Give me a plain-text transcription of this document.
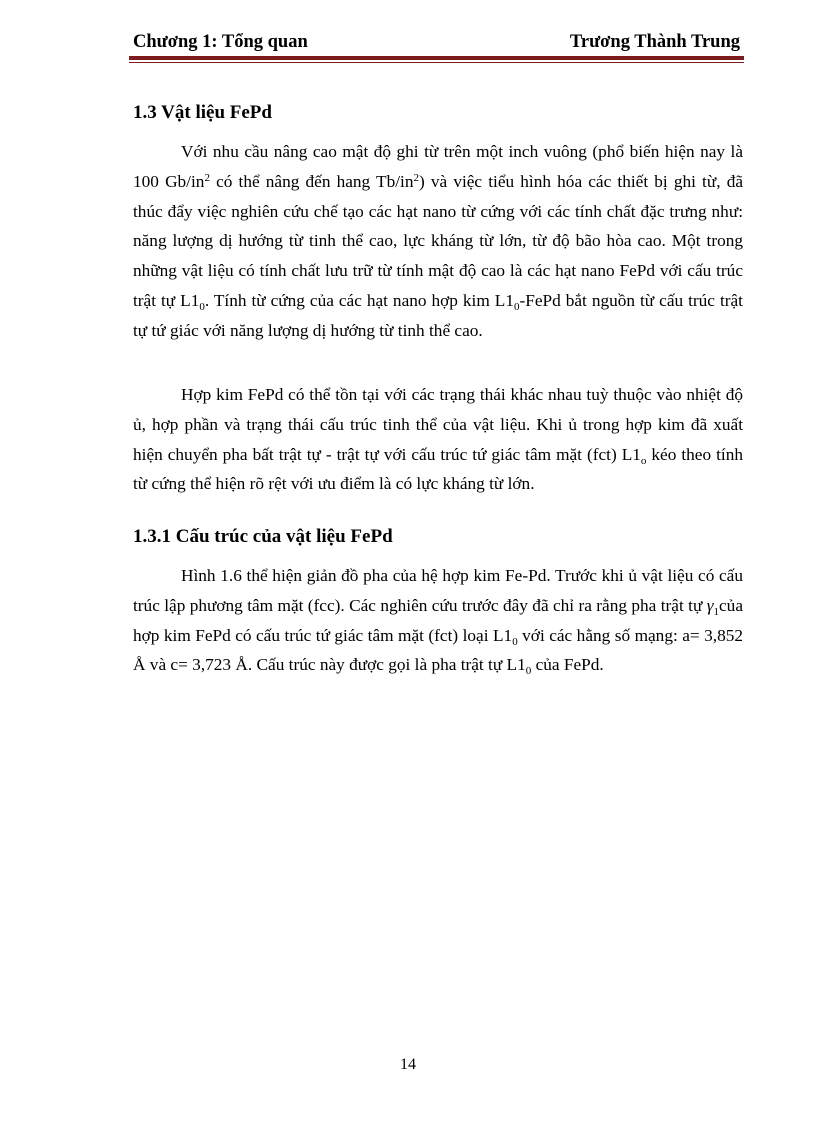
Chương 1: Tổng quan	Trương Thành Trung
1.3 Vật liệu FePd

Với nhu cầu nâng cao mật độ ghi từ trên một inch vuông (phổ biến hiện nay là 100 $Gb/in^2$ có thể nâng đến hang $Tb/in^2$) và việc tiểu hình hóa các thiết bị ghi từ, đã thúc đẩy việc nghiên cứu chế tạo các hạt nano từ cứng với các tính chất đặc trưng như: năng lượng dị hướng từ tinh thể cao, lực kháng từ lớn, từ độ bão hòa cao. Một trong những vật liệu có tính chất lưu trữ từ tính mật độ cao là các hạt nano FePd với cấu trúc trật tự $L1_0$. Tính từ cứng của các hạt nano hợp kim $L1_0$-FePd bắt nguồn từ cấu trúc trật tự tứ giác với năng lượng dị hướng từ tinh thể cao.

Hợp kim FePd có thể tồn tại với các trạng thái khác nhau tuỳ thuộc vào nhiệt độ ủ, hợp phần và trạng thái cấu trúc tinh thể của vật liệu. Khi ủ trong hợp kim đã xuất hiện chuyển pha bất trật tự - trật tự với cấu trúc tứ giác tâm mặt (fct) $L1_o$ kéo theo tính từ cứng thể hiện rõ rệt với ưu điểm là có lực kháng từ lớn.

1.3.1 Cấu trúc của vật liệu FePd

Hình 1.6 thể hiện giản đồ pha của hệ hợp kim Fe-Pd. Trước khi ủ vật liệu có cấu trúc lập phương tâm mặt (fcc). Các nghiên cứu trước đây đã chỉ ra rằng pha trật tự $\gamma_1của$ hợp kim FePd có cấu trúc tứ giác tâm mặt (fct) loại $L1_0$ với các hằng số mạng: a= 3,852 Å và c= 3,723 Å. Cấu trúc này được gọi là pha trật tự $L1_0$ của FePd.

14
